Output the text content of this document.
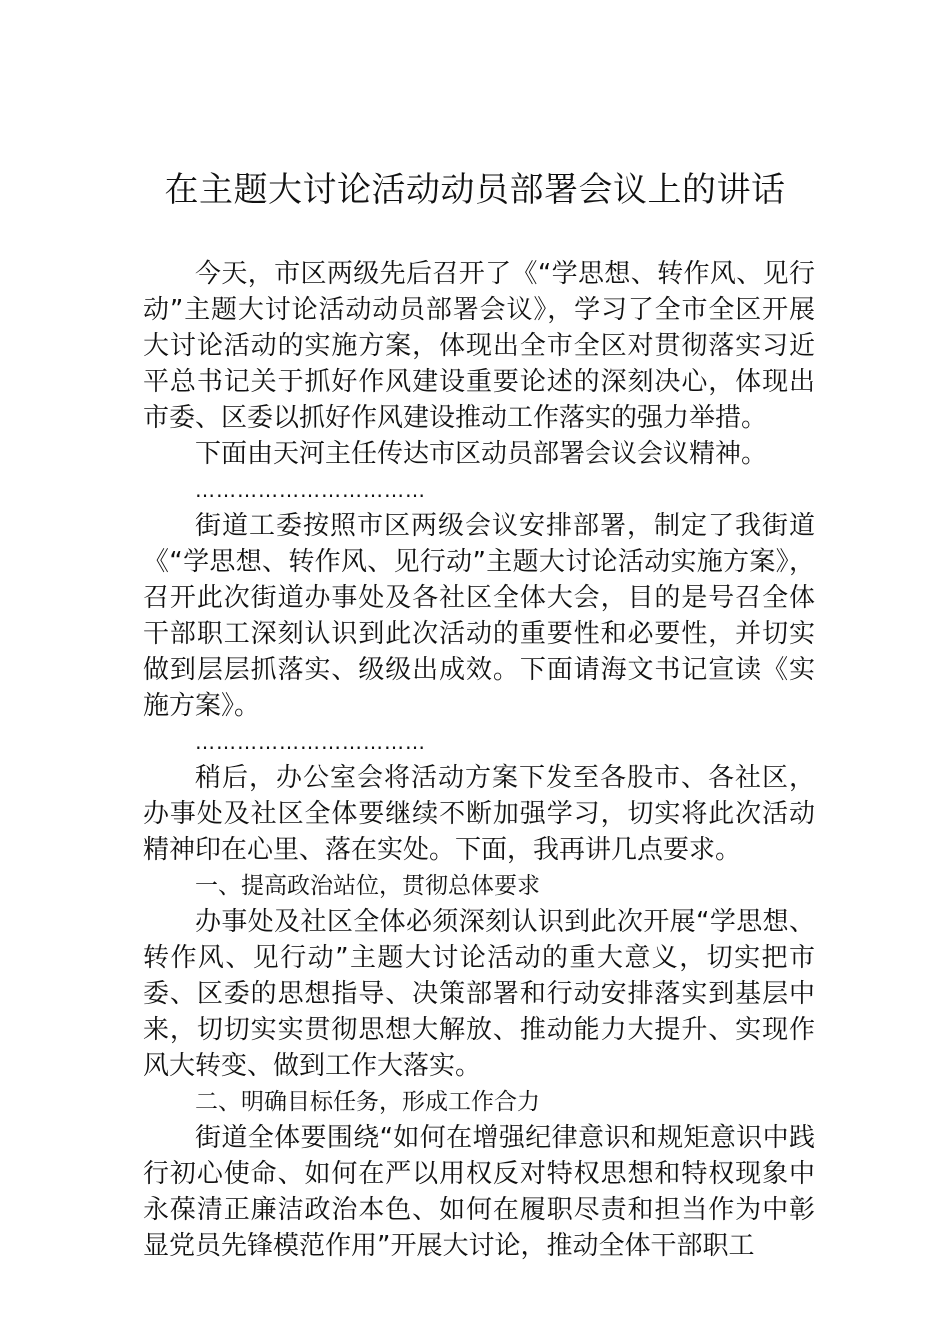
在主题大讨论活动动员部署会议上的讲话

今天，市区两级先后召开了《“学思想、转作风、见行动”主题大讨论活动动员部署会议》，学习了全市全区开展大讨论活动的实施方案，体现出全市全区对贯彻落实习近平总书记关于抓好作风建设重要论述的深刻决心，体现出市委、区委以抓好作风建设推动工作落实的强力举措。

下面由天河主任传达市区动员部署会议会议精神。

……………………………

街道工委按照市区两级会议安排部署，制定了我街道《“学思想、转作风、见行动”主题大讨论活动实施方案》，召开此次街道办事处及各社区全体大会，目的是号召全体干部职工深刻认识到此次活动的重要性和必要性，并切实做到层层抓落实、级级出成效。下面请海文书记宣读《实施方案》。

……………………………

稍后，办公室会将活动方案下发至各股市、各社区，办事处及社区全体要继续不断加强学习，切实将此次活动精神印在心里、落在实处。下面，我再讲几点要求。

一、提高政治站位，贯彻总体要求

办事处及社区全体必须深刻认识到此次开展“学思想、转作风、见行动”主题大讨论活动的重大意义，切实把市委、区委的思想指导、决策部署和行动安排落实到基层中来，切切实实贯彻思想大解放、推动能力大提升、实现作风大转变、做到工作大落实。

二、明确目标任务，形成工作合力

街道全体要围绕“如何在增强纪律意识和规矩意识中践行初心使命、如何在严以用权反对特权思想和特权现象中永葆清正廉洁政治本色、如何在履职尽责和担当作为中彰显党员先锋模范作用”开展大讨论，推动全体干部职工
